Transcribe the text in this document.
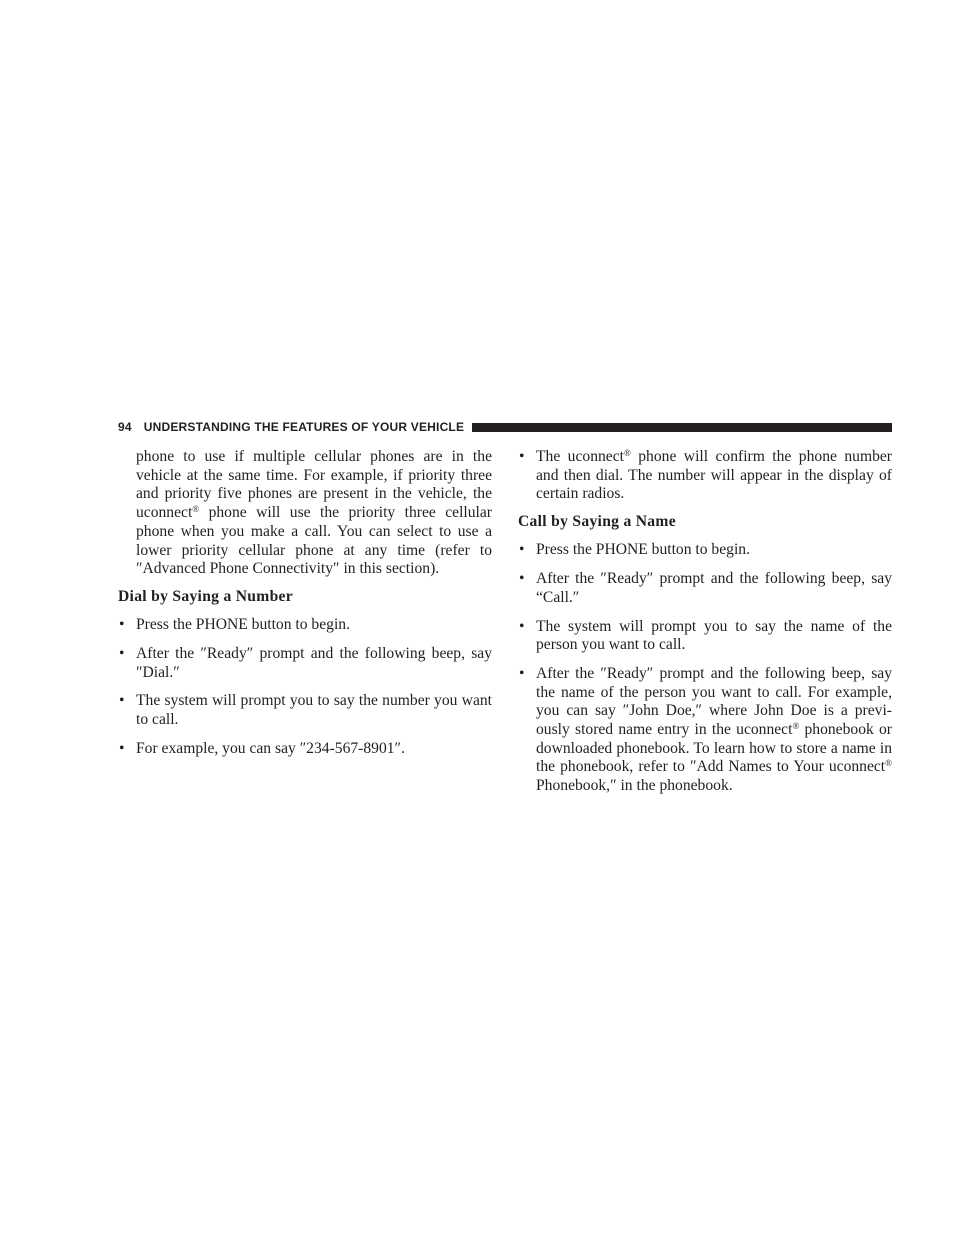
94 UNDERSTANDING THE FEATURES OF YOUR VEHICLE

phone to use if multiple cellular phones are in the vehicle at the same time. For example, if priority three and priority five phones are present in the vehicle, the uconnect® phone will use the priority three cellular phone when you make a call. You can select to use a lower priority cellular phone at any time (refer to ″Advanced Phone Connectivity″ in this section).

Dial by Saying a Number
• Press the PHONE button to begin.
• After the ″Ready″ prompt and the following beep, say ″Dial.″
• The system will prompt you to say the number you want to call.
• For example, you can say ″234-567-8901″.
• The uconnect® phone will confirm the phone number and then dial. The number will appear in the display of certain radios.
Call by Saying a Name
• Press the PHONE button to begin.
• After the ″Ready″ prompt and the following beep, say “Call.″
• The system will prompt you to say the name of the person you want to call.
• After the ″Ready″ prompt and the following beep, say the name of the person you want to call. For example, you can say ″John Doe,″ where John Doe is a previ-ously stored name entry in the uconnect® phonebook or downloaded phonebook. To learn how to store a name in the phonebook, refer to ″Add Names to Your uconnect® Phonebook,″ in the phonebook.
